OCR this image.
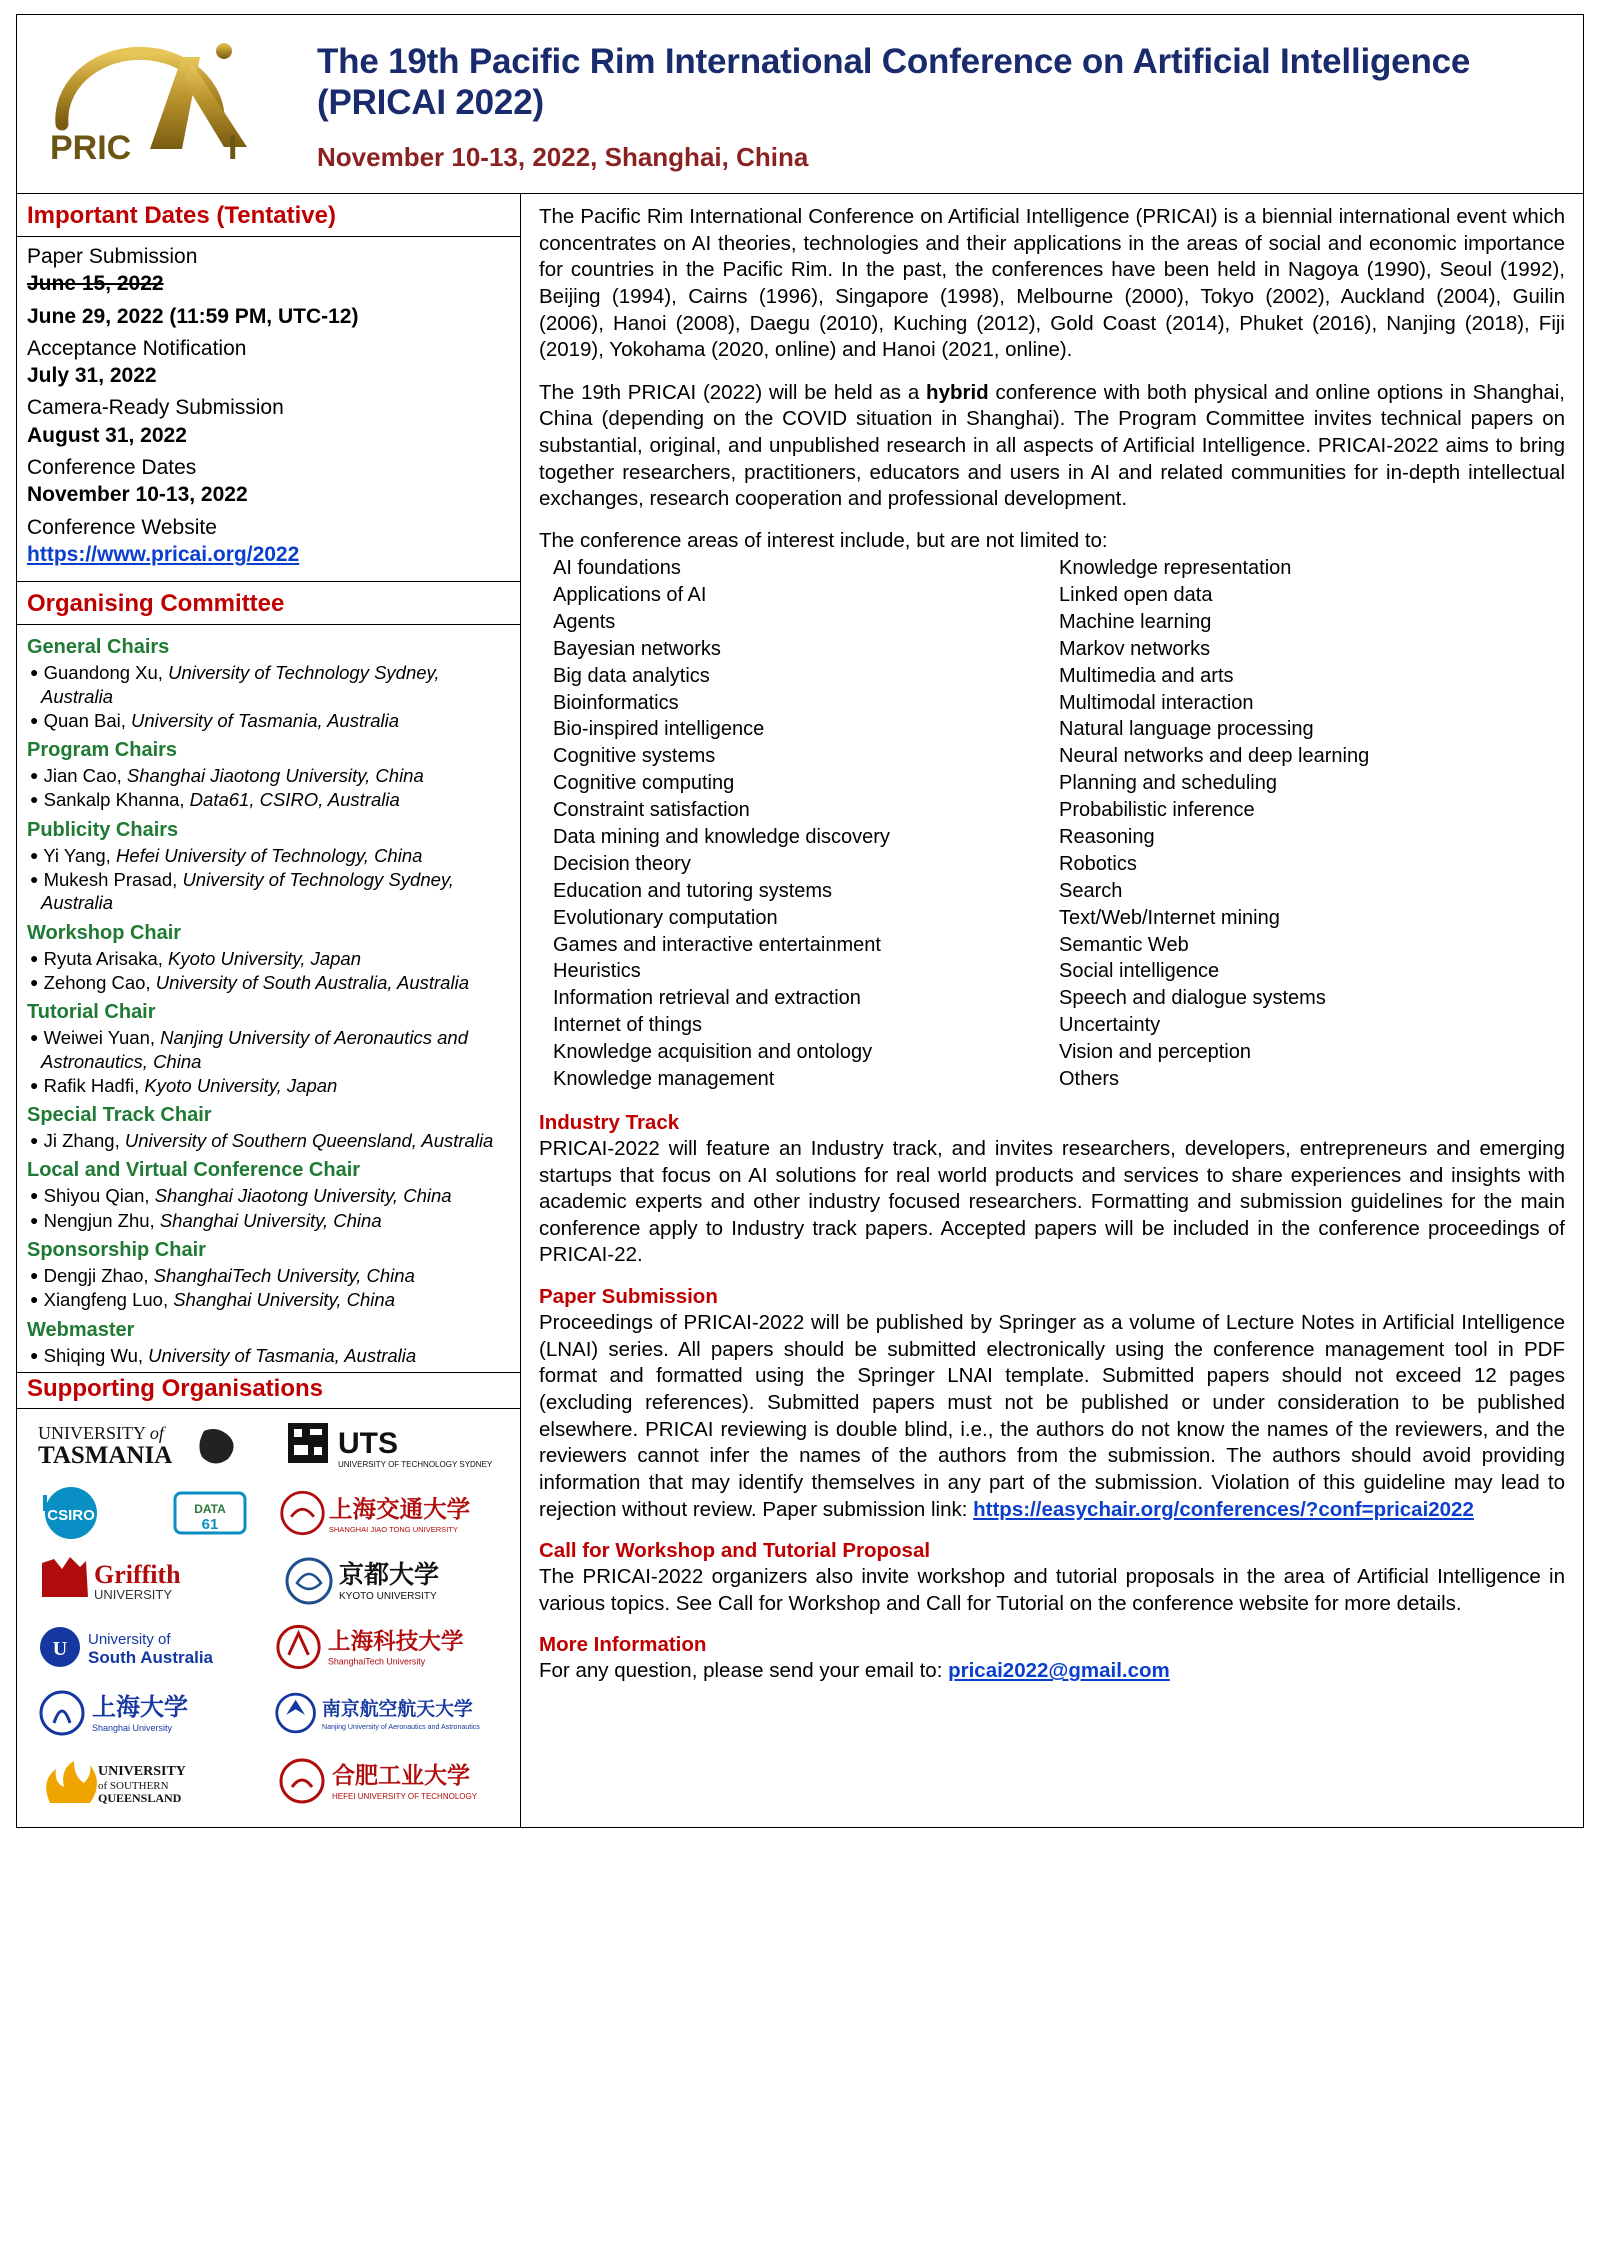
PRIC	I
The 19th Pacific Rim International Conference on Artificial Intelligence (PRICAI 2022)
November 10-13, 2022, Shanghai, China
Important Dates (Tentative)
Paper Submission
June 15, 2022
June 29, 2022 (11:59 PM, UTC-12)
Acceptance Notification
July 31, 2022
Camera-Ready Submission
August 31, 2022
Conference Dates
November 10-13, 2022
Conference Website
https://www.pricai.org/2022
Organising Committee
General Chairs
● Guandong Xu, University of Technology Sydney, Australia
● Quan Bai, University of Tasmania, Australia
Program Chairs
● Jian Cao, Shanghai Jiaotong University, China
● Sankalp Khanna, Data61, CSIRO, Australia
Publicity Chairs
● Yi Yang, Hefei University of Technology, China
● Mukesh Prasad, University of Technology Sydney, Australia
Workshop Chair
● Ryuta Arisaka, Kyoto University, Japan
● Zehong Cao, University of South Australia, Australia
Tutorial Chair
● Weiwei Yuan, Nanjing University of Aeronautics and Astronautics, China
● Rafik Hadfi, Kyoto University, Japan
Special Track Chair
● Ji Zhang, University of Southern Queensland, Australia
Local and Virtual Conference Chair
● Shiyou Qian, Shanghai Jiaotong University, China
● Nengjun Zhu, Shanghai University, China
Sponsorship Chair
● Dengji Zhao, ShanghaiTech University, China
● Xiangfeng Luo, Shanghai University, China
Webmaster
● Shiqing Wu, University of Tasmania, Australia
Supporting Organisations
UNIVERSITY of
TASMANIA	UTS
UNIVERSITY OF TECHNOLOGY SYDNEY
CSIRO	DATA
61
上海交通大学
SHANGHAI JIAO TONG UNIVERSITY
Griffith
UNIVERSITY
京都大学
KYOTO UNIVERSITY
U University of
South Australia
上海科技大学
ShanghaiTech University
上海大学
Shanghai University
南京航空航天大学
Nanjing University of Aeronautics and Astronautics
UNIVERSITY
of SOUTHERN
QUEENSLAND
合肥工业大学
HEFEI UNIVERSITY OF TECHNOLOGY
The Pacific Rim International Conference on Artificial Intelligence (PRICAI) is a biennial international event which concentrates on AI theories, technologies and their applications in the areas of social and economic importance for countries in the Pacific Rim. In the past, the conferences have been held in Nagoya (1990), Seoul (1992), Beijing (1994), Cairns (1996), Singapore (1998), Melbourne (2000), Tokyo (2002), Auckland (2004), Guilin (2006), Hanoi (2008), Daegu (2010), Kuching (2012), Gold Coast (2014), Phuket (2016), Nanjing (2018), Fiji (2019), Yokohama (2020, online) and Hanoi (2021, online).
The 19th PRICAI (2022) will be held as a hybrid conference with both physical and online options in Shanghai, China (depending on the COVID situation in Shanghai). The Program Committee invites technical papers on substantial, original, and unpublished research in all aspects of Artificial Intelligence. PRICAI-2022 aims to bring together researchers, practitioners, educators and users in AI and related communities for in-depth intellectual exchanges, research cooperation and professional development.
The conference areas of interest include, but are not limited to:
AI foundations
Applications of AI
Agents
Bayesian networks
Big data analytics
Bioinformatics
Bio-inspired intelligence
Cognitive systems
Cognitive computing
Constraint satisfaction
Data mining and knowledge discovery
Decision theory
Education and tutoring systems
Evolutionary computation
Games and interactive entertainment
Heuristics
Information retrieval and extraction
Internet of things
Knowledge acquisition and ontology
Knowledge management
Knowledge representation
Linked open data
Machine learning
Markov networks
Multimedia and arts
Multimodal interaction
Natural language processing
Neural networks and deep learning
Planning and scheduling
Probabilistic inference
Reasoning
Robotics
Search
Text/Web/Internet mining
Semantic Web
Social intelligence
Speech and dialogue systems
Uncertainty
Vision and perception
Others
Industry Track
PRICAI-2022 will feature an Industry track, and invites researchers, developers, entrepreneurs and emerging startups that focus on AI solutions for real world products and services to share experiences and insights with academic experts and other industry focused researchers. Formatting and submission guidelines for the main conference apply to Industry track papers. Accepted papers will be included in the conference proceedings of PRICAI-22.
Paper Submission
Proceedings of PRICAI-2022 will be published by Springer as a volume of Lecture Notes in Artificial Intelligence (LNAI) series. All papers should be submitted electronically using the conference management tool in PDF format and formatted using the Springer LNAI template. Submitted papers should not exceed 12 pages (excluding references). Submitted papers must not be published or under consideration to be published elsewhere. PRICAI reviewing is double blind, i.e., the authors do not know the names of the reviewers, and the reviewers cannot infer the names of the authors from the submission. The authors should avoid providing information that may identify themselves in any part of the submission. Violation of this guideline may lead to rejection without review. Paper submission link: https://easychair.org/conferences/?conf=pricai2022
Call for Workshop and Tutorial Proposal
The PRICAI-2022 organizers also invite workshop and tutorial proposals in the area of Artificial Intelligence in various topics. See Call for Workshop and Call for Tutorial on the conference website for more details.
More Information
For any question, please send your email to: pricai2022@gmail.com
